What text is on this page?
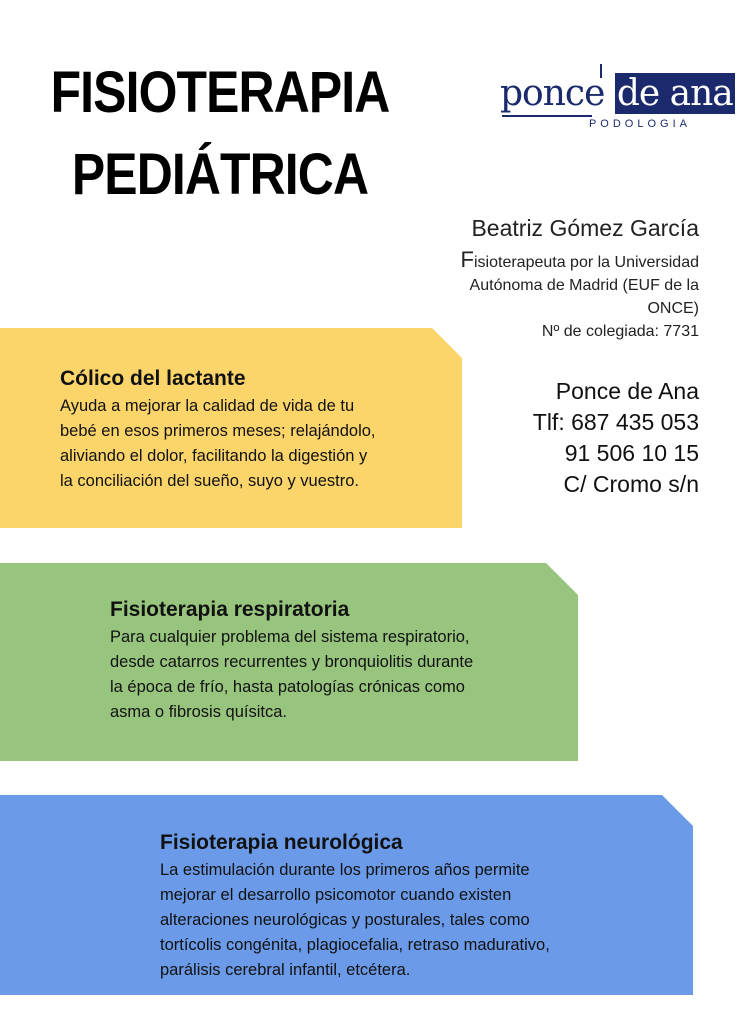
FISIOTERAPIA
PEDIÁTRICA
ponce de ana
PODOLOGIA
Beatriz Gómez García
Fisioterapeuta por la Universidad
Autónoma de Madrid (EUF de la
ONCE)
Nº de colegiada: 7731
Ponce de Ana
Tlf: 687 435 053
91 506 10 15
C/ Cromo s/n
Cólico del lactante

Ayuda a mejorar la calidad de vida de tu
bebé en esos primeros meses; relajándolo,
aliviando el dolor, facilitando la digestión y
la conciliación del sueño, suyo y vuestro.

Fisioterapia respiratoria

Para cualquier problema del sistema respiratorio,
desde catarros recurrentes y bronquiolitis durante
la época de frío, hasta patologías crónicas como
asma o fibrosis quísitca.

Fisioterapia neurológica

La estimulación durante los primeros años permite
mejorar el desarrollo psicomotor cuando existen
alteraciones neurológicas y posturales, tales como
tortícolis congénita, plagiocefalia, retraso madurativo,
parálisis cerebral infantil, etcétera.
